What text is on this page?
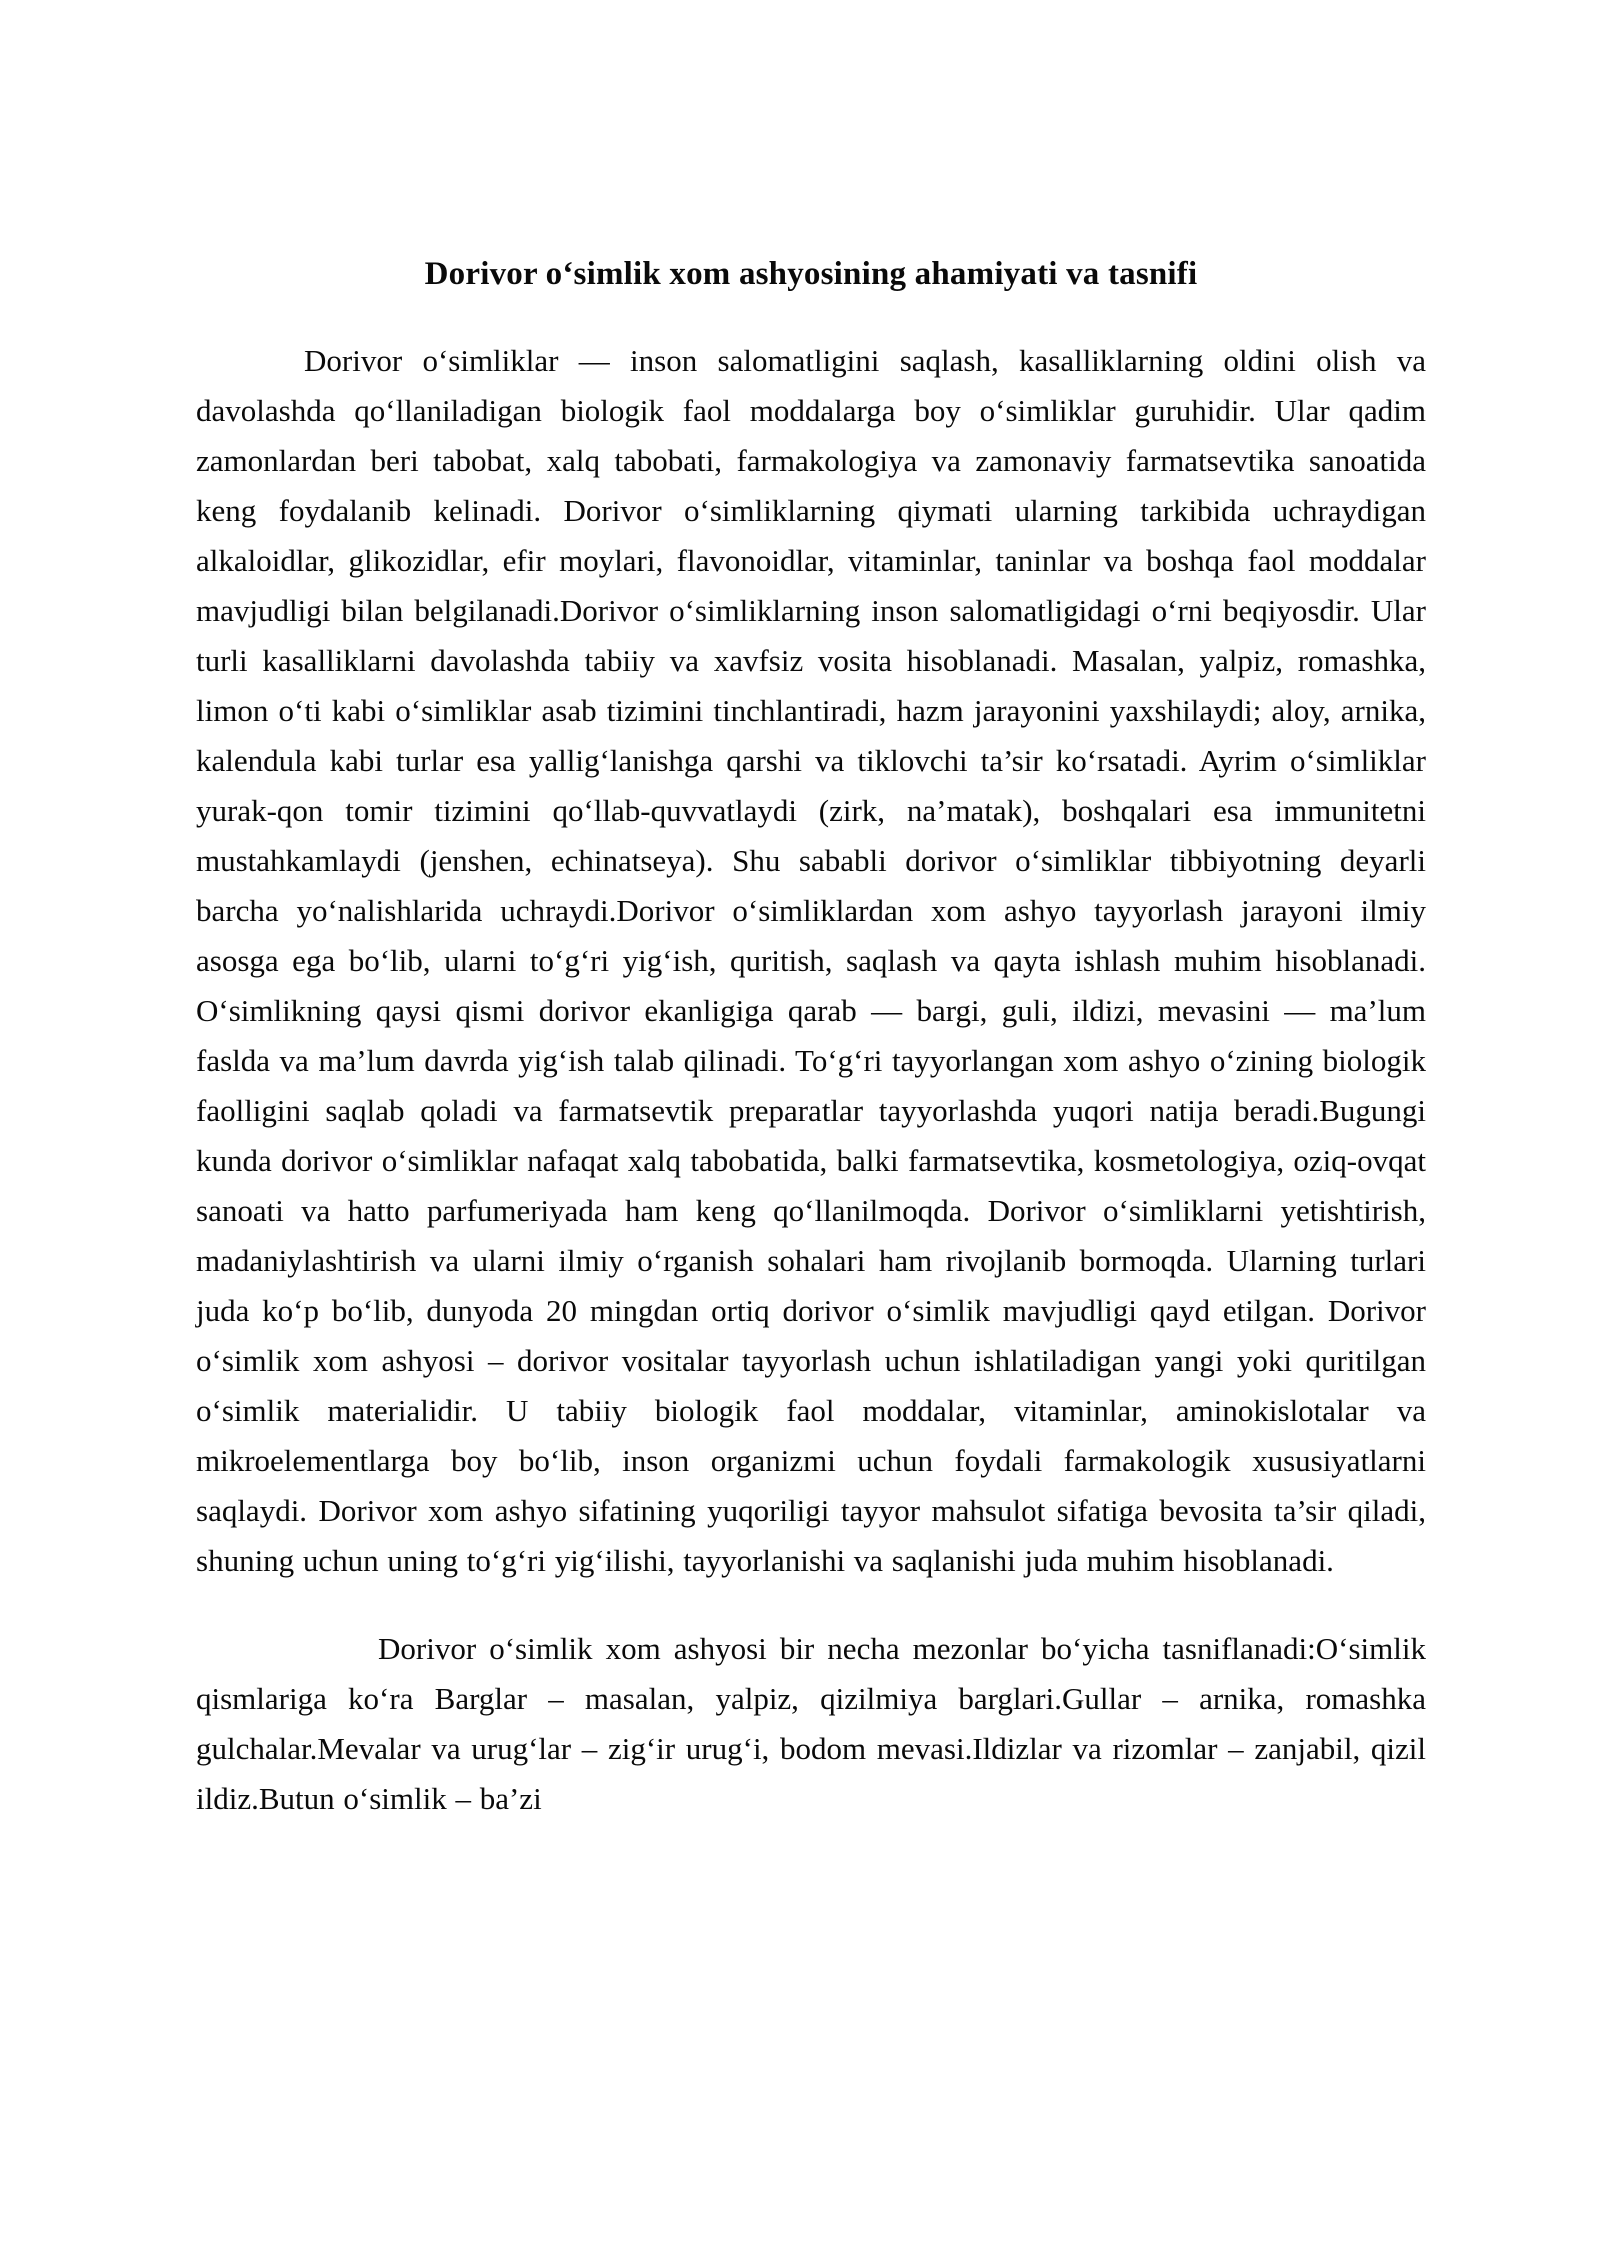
Dorivor o‘simlik xom ashyosining ahamiyati va tasnifi

Dorivor o‘simliklar — inson salomatligini saqlash, kasalliklarning oldini olish va davolashda qo‘llaniladigan biologik faol moddalarga boy o‘simliklar guruhidir. Ular qadim zamonlardan beri tabobat, xalq tabobati, farmakologiya va zamonaviy farmatsevtika sanoatida keng foydalanib kelinadi. Dorivor o‘simliklarning qiymati ularning tarkibida uchraydigan alkaloidlar, glikozidlar, efir moylari, flavonoidlar, vitaminlar, taninlar va boshqa faol moddalar mavjudligi bilan belgilanadi.Dorivor o‘simliklarning inson salomatligidagi o‘rni beqiyosdir. Ular turli kasalliklarni davolashda tabiiy va xavfsiz vosita hisoblanadi. Masalan, yalpiz, romashka, limon o‘ti kabi o‘simliklar asab tizimini tinchlantiradi, hazm jarayonini yaxshilaydi; aloy, arnika, kalendula kabi turlar esa yallig‘lanishga qarshi va tiklovchi ta’sir ko‘rsatadi. Ayrim o‘simliklar yurak-qon tomir tizimini qo‘llab-quvvatlaydi (zirk, na’matak), boshqalari esa immunitetni mustahkamlaydi (jenshen, echinatseya). Shu sababli dorivor o‘simliklar tibbiyotning deyarli barcha yo‘nalishlarida uchraydi.Dorivor o‘simliklardan xom ashyo tayyorlash jarayoni ilmiy asosga ega bo‘lib, ularni to‘g‘ri yig‘ish, quritish, saqlash va qayta ishlash muhim hisoblanadi. O‘simlikning qaysi qismi dorivor ekanligiga qarab — bargi, guli, ildizi, mevasini — ma’lum faslda va ma’lum davrda yig‘ish talab qilinadi. To‘g‘ri tayyorlangan xom ashyo o‘zining biologik faolligini saqlab qoladi va farmatsevtik preparatlar tayyorlashda yuqori natija beradi.Bugungi kunda dorivor o‘simliklar nafaqat xalq tabobatida, balki farmatsevtika, kosmetologiya, oziq-ovqat sanoati va hatto parfumeriyada ham keng qo‘llanilmoqda. Dorivor o‘simliklarni yetishtirish, madaniylashtirish va ularni ilmiy o‘rganish sohalari ham rivojlanib bormoqda. Ularning turlari juda ko‘p bo‘lib, dunyoda 20 mingdan ortiq dorivor o‘simlik mavjudligi qayd etilgan. Dorivor o‘simlik xom ashyosi – dorivor vositalar tayyorlash uchun ishlatiladigan yangi yoki quritilgan o‘simlik materialidir. U tabiiy biologik faol moddalar, vitaminlar, aminokislotalar va mikroelementlarga boy bo‘lib, inson organizmi uchun foydali farmakologik xususiyatlarni saqlaydi. Dorivor xom ashyo sifatining yuqoriligi tayyor mahsulot sifatiga bevosita ta’sir qiladi, shuning uchun uning to‘g‘ri yig‘ilishi, tayyorlanishi va saqlanishi juda muhim hisoblanadi.

Dorivor o‘simlik xom ashyosi bir necha mezonlar bo‘yicha tasniflanadi:O‘simlik qismlariga ko‘ra Barglar – masalan, yalpiz, qizilmiya barglari.Gullar – arnika, romashka gulchalar.Mevalar va urug‘lar – zig‘ir urug‘i, bodom mevasi.Ildizlar va rizomlar – zanjabil, qizil ildiz.Butun o‘simlik – ba’zi
